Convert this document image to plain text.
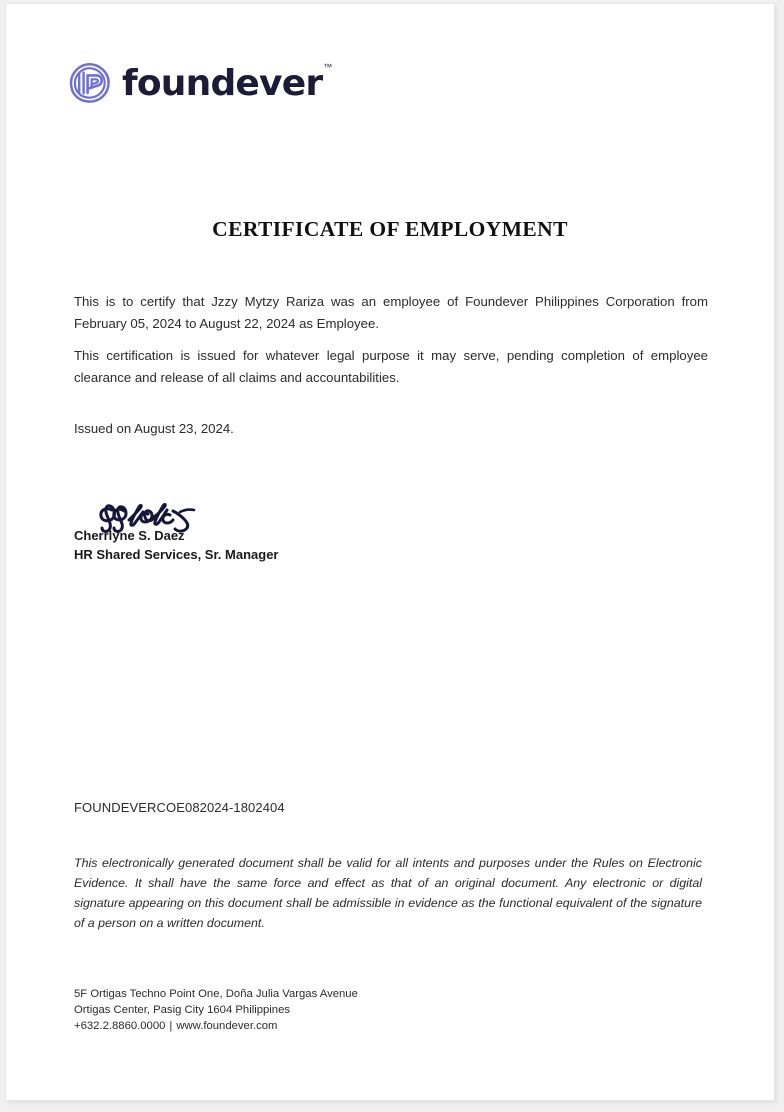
foundever™
CERTIFICATE OF EMPLOYMENT

This is to certify that Jzzy Mytzy Rariza was an employee of Foundever Philippines Corporation from February 05, 2024 to August 22, 2024 as Employee.

This certification is issued for whatever legal purpose it may serve, pending completion of employee clearance and release of all claims and accountabilities.

Issued on August 23, 2024.

Cherrlyne S. Daez
HR Shared Services, Sr. Manager
FOUNDEVERCOE082024-1802404

This electronically generated document shall be valid for all intents and purposes under the Rules on Electronic Evidence. It shall have the same force and effect as that of an original document. Any electronic or digital signature appearing on this document shall be admissible in evidence as the functional equivalent of the signature of a person on a written document.

5F Ortigas Techno Point One, Doña Julia Vargas Avenue
Ortigas Center, Pasig City 1604 Philippines
+632.2.8860.0000 | www.foundever.com
